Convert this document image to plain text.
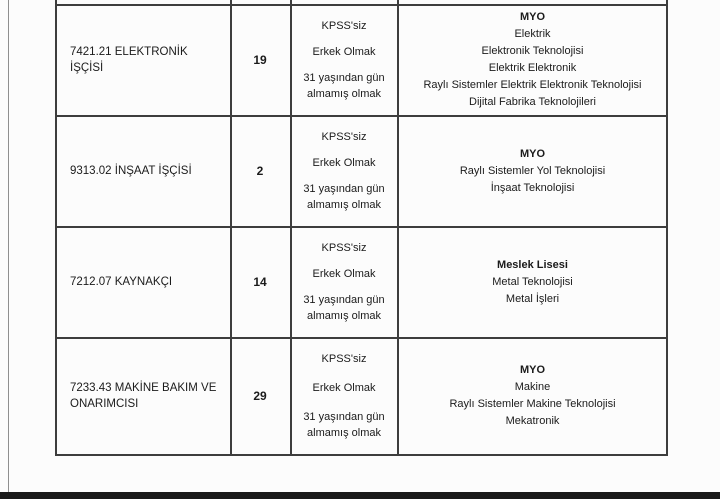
7421.21 ELEKTRONİK İŞÇİSİ
19
KPSS'siz
Erkek Olmak
31 yaşından gün almamış olmak
MYO
Elektrik
Elektronik Teknolojisi
Elektrik Elektronik
Raylı Sistemler Elektrik Elektronik Teknolojisi
Dijital Fabrika Teknolojileri
9313.02 İNŞAAT İŞÇİSİ	2
KPSS'siz
Erkek Olmak
31 yaşından gün almamış olmak
MYO
Raylı Sistemler Yol Teknolojisi
İnşaat Teknolojisi
7212.07 KAYNAKÇI	14
KPSS'siz
Erkek Olmak
31 yaşından gün almamış olmak
Meslek Lisesi
Metal Teknolojisi
Metal İşleri
7233.43 MAKİNE BAKIM VE ONARIMCISI
29
KPSS'siz
Erkek Olmak
31 yaşından gün almamış olmak
MYO
Makine
Raylı Sistemler Makine Teknolojisi
Mekatronik
